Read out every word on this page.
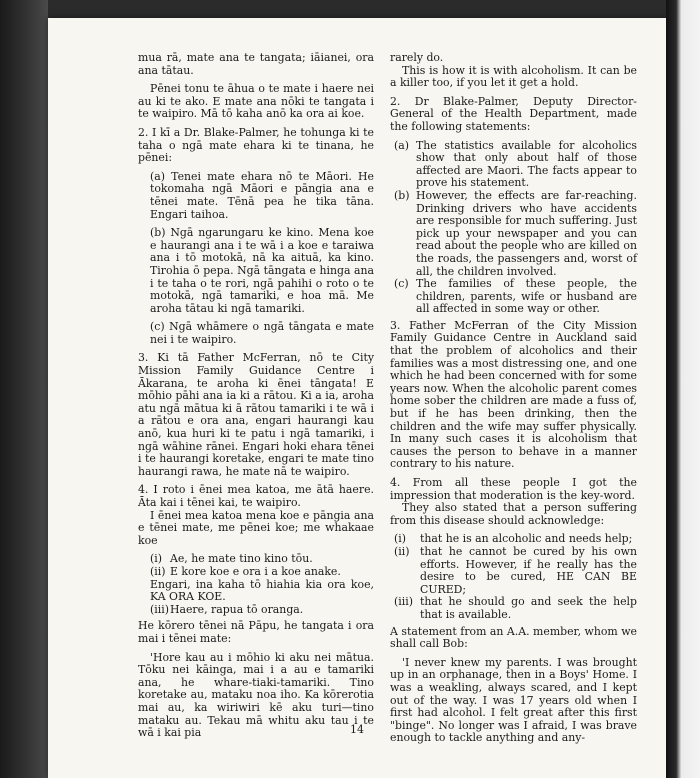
mua rā, mate ana te tangata; iāianei, ora ana tātau.

Pēnei tonu te āhua o te mate i haere nei au ki te ako. E mate ana nōki te tangata i te waipiro. Mā tō kaha anō ka ora ai koe.

2. I kī a Dr. Blake-Palmer, he tohunga ki te taha o ngā mate ehara ki te tinana, he pēnei:

(a) Tenei mate ehara nō te Māori. He tokomaha ngā Māori e pāngia ana e tēnei mate. Tēnā pea he tika tāna. Engari taihoa.

(b) Ngā ngarungaru ke kino. Mena koe e haurangi ana i te wā i a koe e taraiwa ana i tō motokā, nā ka aituā, ka kino. Tirohia ō pepa. Ngā tāngata e hinga ana i te taha o te rori, ngā pahihi o roto o te motokā, ngā tamariki, e hoa mā. Me aroha tātau ki ngā tamariki.

(c) Ngā whāmere o ngā tāngata e mate nei i te waipiro.

3. Ki tā Father McFerran, nō te City Mission Family Guidance Centre i Ākarana, te aroha ki ēnei tāngata! E mōhio pāhi ana ia ki a rātou. Ki a ia, aroha atu ngā mātua ki ā rātou tamariki i te wā i a rātou e ora ana, engari haurangi kau anō, kua huri ki te patu i ngā tamariki, i ngā wāhine rānei. Engari hoki ehara tēnei i te haurangi koretake, engari te mate tino haurangi rawa, he mate nā te waipiro.

4. I roto i ēnei mea katoa, me ātā haere. Āta kai i tēnei kai, te waipiro.

I ēnei mea katoa mena koe e pāngia ana e tēnei mate, me pēnei koe; me whakaae koe

(i) Ae, he mate tino kino tōu.
(ii) E kore koe e ora i a koe anake.
Engari, ina kaha tō hiahia kia ora koe, KA ORA KOE.
(iii)Haere, rapua tō oranga.

He kōrero tēnei nā Pāpu, he tangata i ora mai i tēnei mate:

'Hore kau au i mōhio ki aku nei mātua. Tōku nei kāinga, mai i a au e tamariki ana, he whare-tiaki-tamariki. Tino koretake au, mataku noa iho. Ka kōrerotia mai au, ka wiriwiri kē aku turi—tino mataku au. Tekau mā whitu aku tau i te wā i kai pia

rarely do.

This is how it is with alcoholism. It can be a killer too, if you let it get a hold.

2. Dr Blake-Palmer, Deputy Director-General of the Health Department, made the following statements:

(a) The statistics available for alcoholics show that only about half of those affected are Maori. The facts appear to prove his statement.
(b) However, the effects are far-reaching. Drinking drivers who have accidents are responsible for much suffering. Just pick up your newspaper and you can read about the people who are killed on the roads, the passengers and, worst of all, the children involved.
(c) The families of these people, the children, parents, wife or husband are all affected in some way or other.

3. Father McFerran of the City Mission Family Guidance Centre in Auckland said that the problem of alcoholics and their families was a most distressing one, and one which he had been concerned with for some years now. When the alcoholic parent comes home sober the children are made a fuss of, but if he has been drinking, then the children and the wife may suffer physically. In many such cases it is alcoholism that causes the person to behave in a manner contrary to his nature.

4. From all these people I got the impression that moderation is the key-word.

They also stated that a person suffering from this disease should acknowledge:

(i)	that he is an alcoholic and needs help;
(ii) that he cannot be cured by his own efforts. However, if he really has the desire to be cured, HE CAN BE CURED;
(iii) that he should go and seek the help that is available.

A statement from an A.A. member, whom we shall call Bob:

'I never knew my parents. I was brought up in an orphanage, then in a Boys' Home. I was a weakling, always scared, and I kept out of the way. I was 17 years old when I first had alcohol. I felt great after this first "binge". No longer was I afraid, I was brave enough to tackle anything and any-

14
